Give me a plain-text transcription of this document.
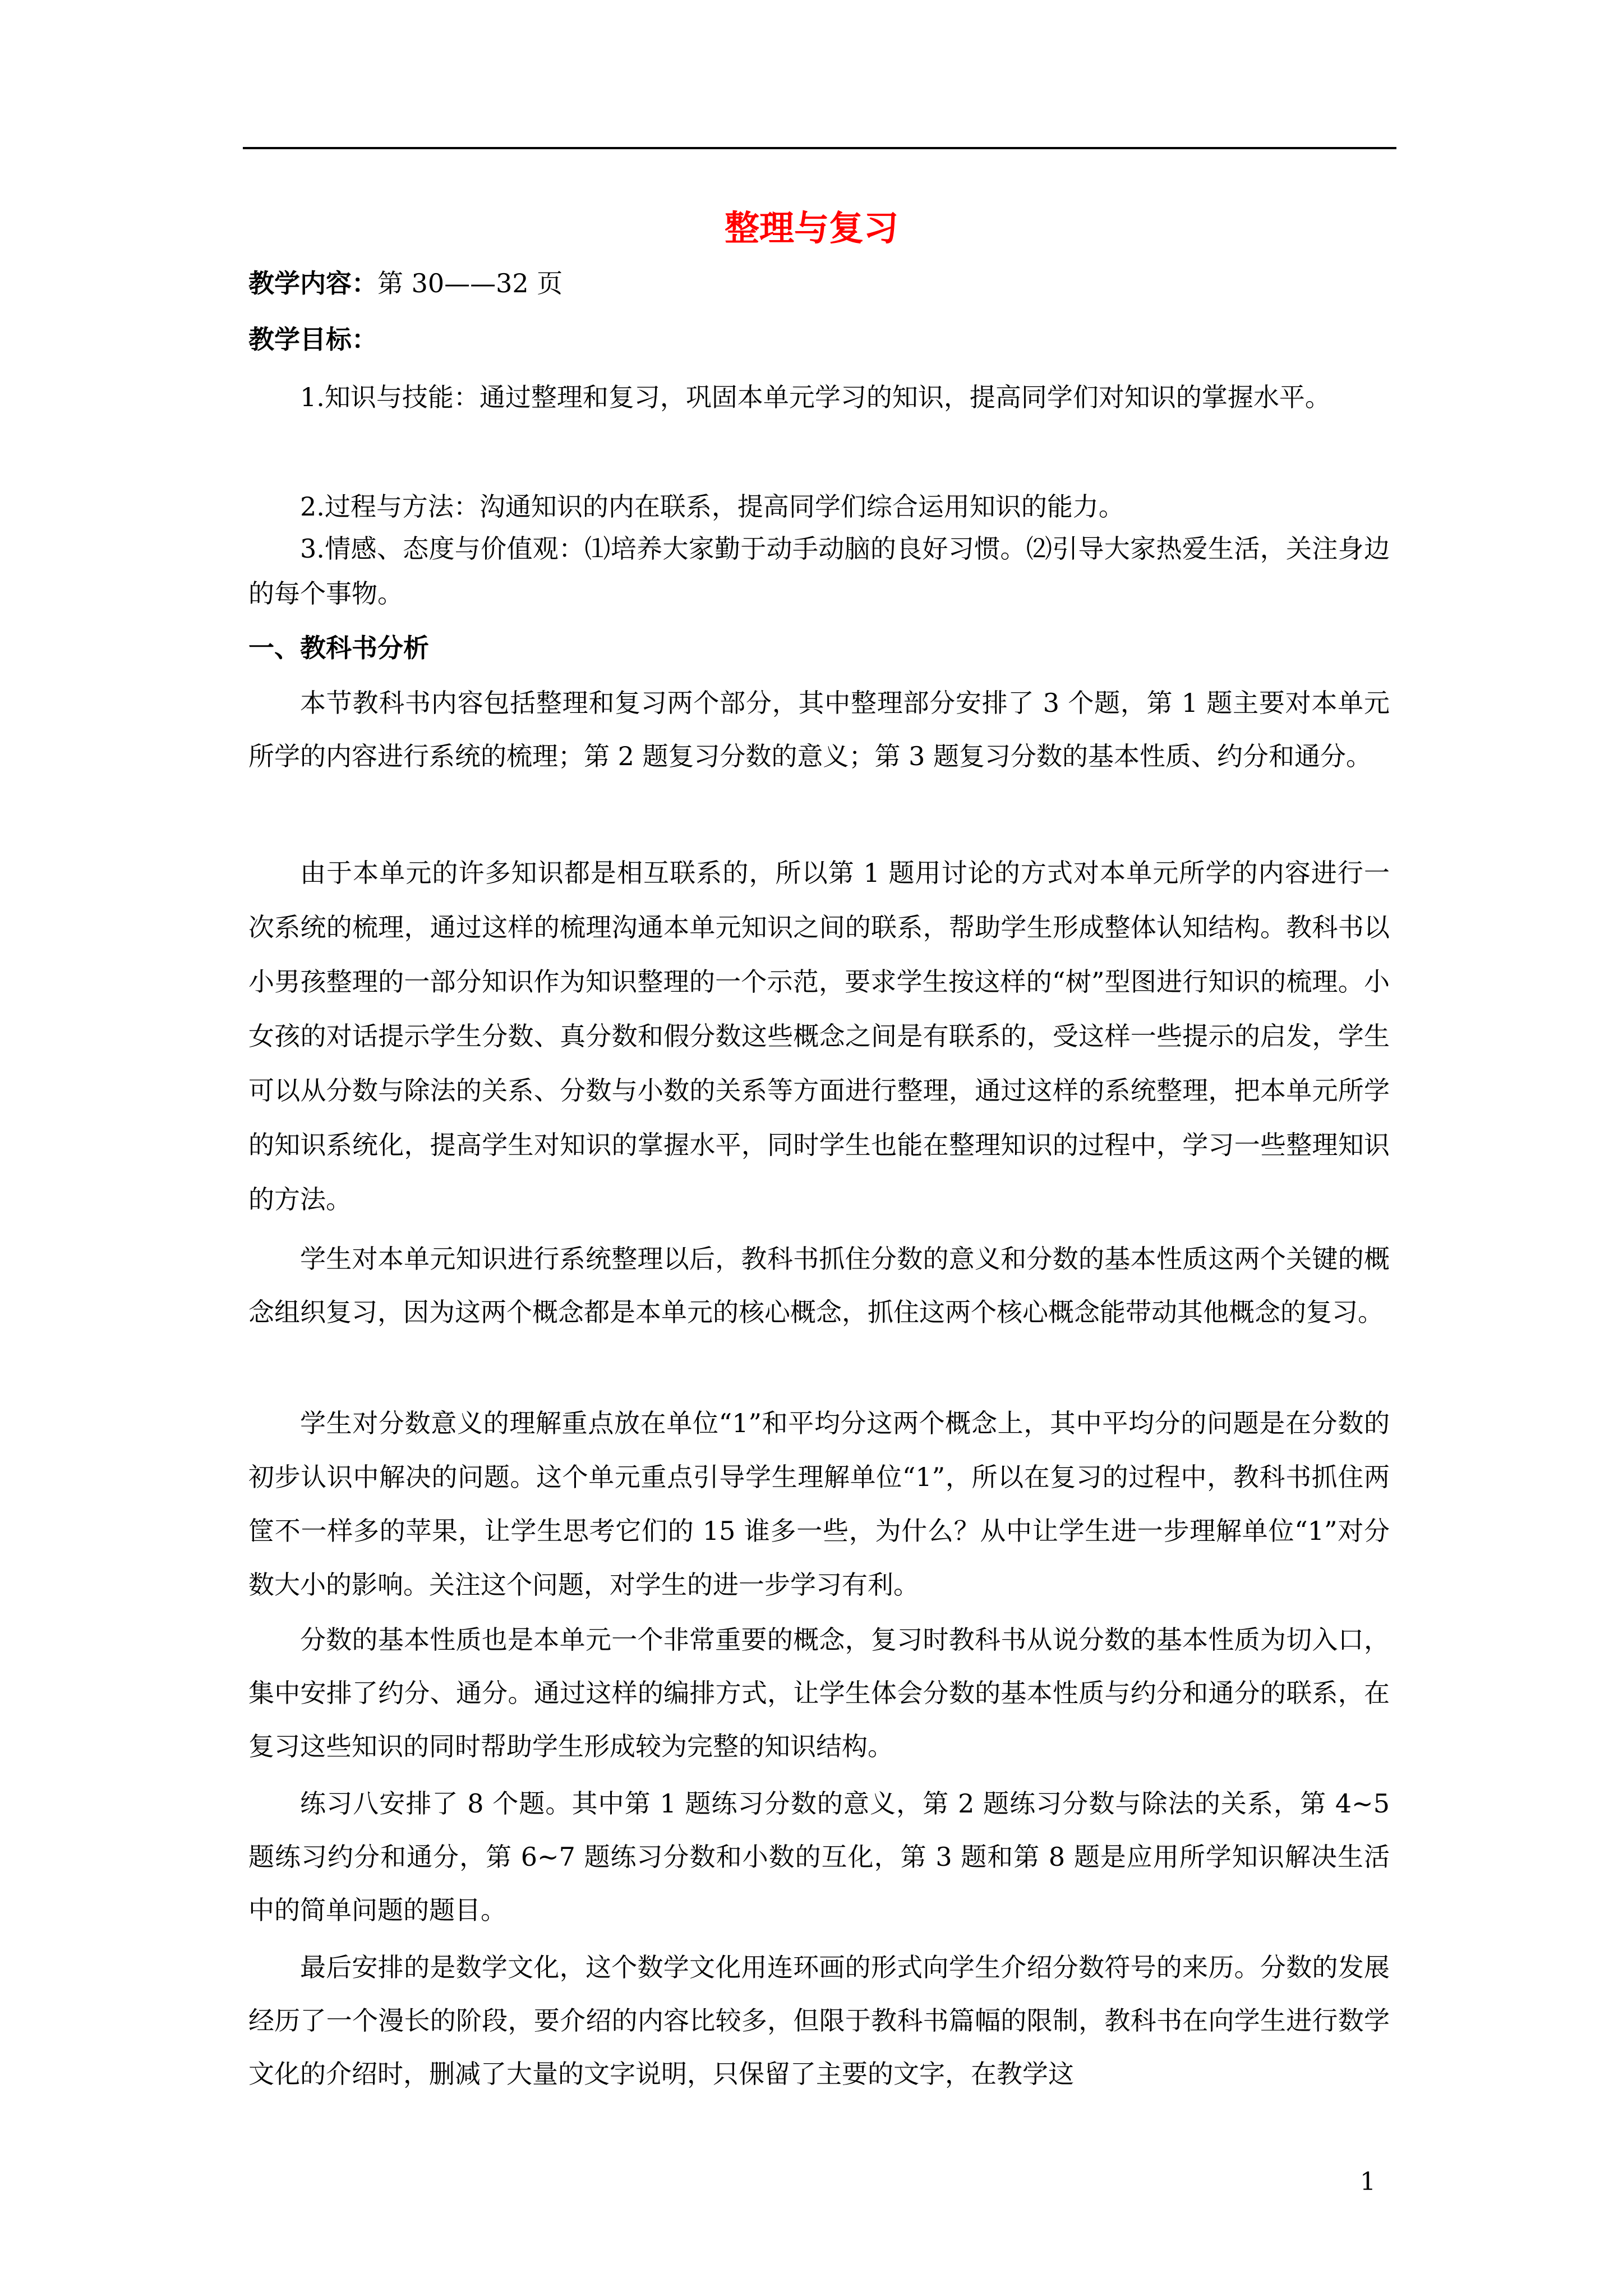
整理与复习
教学内容：第 30——32 页
教学目标：

1.知识与技能：通过整理和复习，巩固本单元学习的知识，提高同学们对知识的掌握水平。

2.过程与方法：沟通知识的内在联系，提高同学们综合运用知识的能力。

3.情感、态度与价值观：⑴培养大家勤于动手动脑的良好习惯。⑵引导大家热爱生活，关注身边的每个事物。

一、教科书分析

本节教科书内容包括整理和复习两个部分，其中整理部分安排了 3 个题，第 1 题主要对本单元所学的内容进行系统的梳理；第 2 题复习分数的意义；第 3 题复习分数的基本性质、约分和通分。

由于本单元的许多知识都是相互联系的，所以第 1 题用讨论的方式对本单元所学的内容进行一次系统的梳理，通过这样的梳理沟通本单元知识之间的联系，帮助学生形成整体认知结构。教科书以小男孩整理的一部分知识作为知识整理的一个示范，要求学生按这样的“树”型图进行知识的梳理。小女孩的对话提示学生分数、真分数和假分数这些概念之间是有联系的，受这样一些提示的启发，学生可以从分数与除法的关系、分数与小数的关系等方面进行整理，通过这样的系统整理，把本单元所学的知识系统化，提高学生对知识的掌握水平，同时学生也能在整理知识的过程中，学习一些整理知识的方法。

学生对本单元知识进行系统整理以后，教科书抓住分数的意义和分数的基本性质这两个关键的概念组织复习，因为这两个概念都是本单元的核心概念，抓住这两个核心概念能带动其他概念的复习。

学生对分数意义的理解重点放在单位“1”和平均分这两个概念上，其中平均分的问题是在分数的初步认识中解决的问题。这个单元重点引导学生理解单位“1”，所以在复习的过程中，教科书抓住两筐不一样多的苹果，让学生思考它们的 15 谁多一些，为什么？从中让学生进一步理解单位“1”对分数大小的影响。关注这个问题，对学生的进一步学习有利。

分数的基本性质也是本单元一个非常重要的概念，复习时教科书从说分数的基本性质为切入口，集中安排了约分、通分。通过这样的编排方式，让学生体会分数的基本性质与约分和通分的联系，在复习这些知识的同时帮助学生形成较为完整的知识结构。

练习八安排了 8 个题。其中第 1 题练习分数的意义，第 2 题练习分数与除法的关系，第 4~5 题练习约分和通分，第 6~7 题练习分数和小数的互化，第 3 题和第 8 题是应用所学知识解决生活中的简单问题的题目。

最后安排的是数学文化，这个数学文化用连环画的形式向学生介绍分数符号的来历。分数的发展经历了一个漫长的阶段，要介绍的内容比较多，但限于教科书篇幅的限制，教科书在向学生进行数学文化的介绍时，删减了大量的文字说明，只保留了主要的文字，在教学这

1
